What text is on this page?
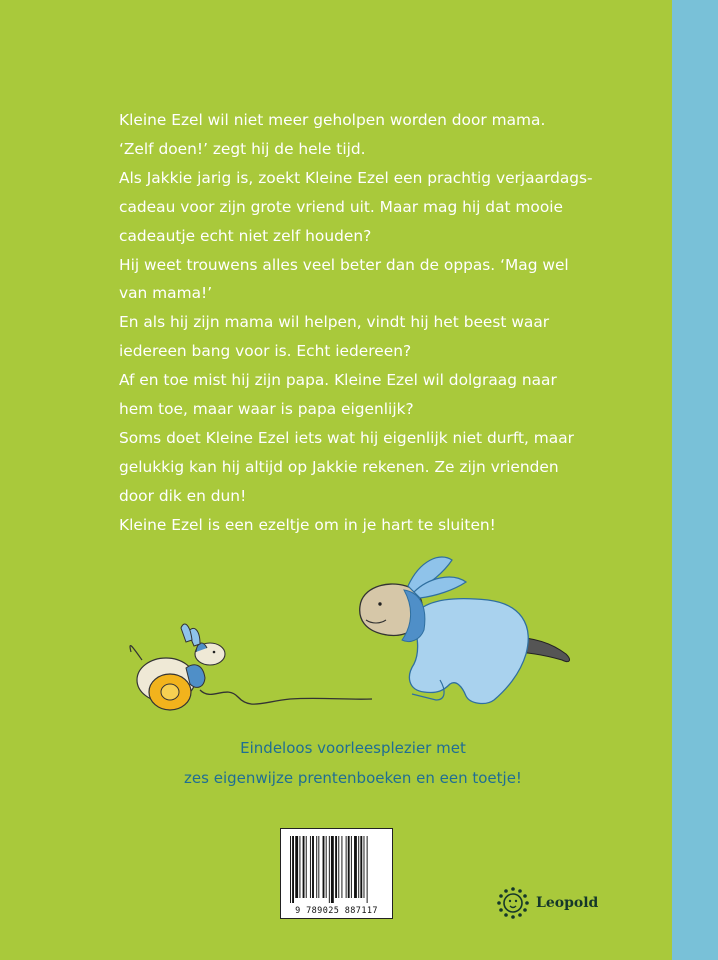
Kleine Ezel wil niet meer geholpen worden door mama.

‘Zelf doen!’ zegt hij de hele tijd.

Als Jakkie jarig is, zoekt Kleine Ezel een prachtig verjaardags-

cadeau voor zijn grote vriend uit. Maar mag hij dat mooie

cadeautje echt niet zelf houden?

Hij weet trouwens alles veel beter dan de oppas. ‘Mag wel

van mama!’

En als hij zijn mama wil helpen, vindt hij het beest waar

iedereen bang voor is. Echt iedereen?

Af en toe mist hij zijn papa. Kleine Ezel wil dolgraag naar

hem toe, maar waar is papa eigenlijk?

Soms doet Kleine Ezel iets wat hij eigenlijk niet durft, maar

gelukkig kan hij altijd op Jakkie rekenen. Ze zijn vrienden

door dik en dun!

Kleine Ezel is een ezeltje om in je hart te sluiten!

Eindeloos voorleesplezier met

zes eigenwijze prentenboeken en een toetje!

9 789025 887117	Leopold
